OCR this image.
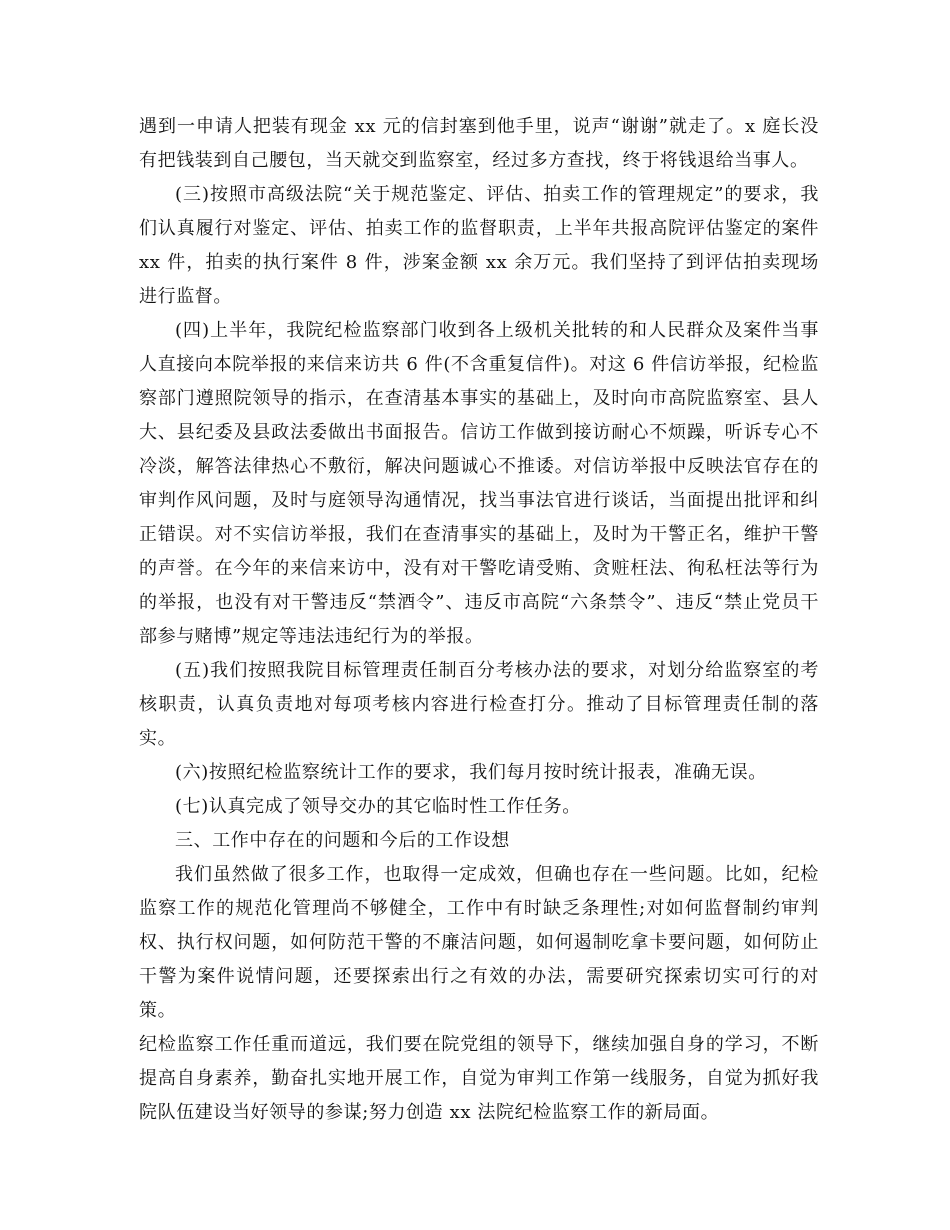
遇到一申请人把装有现金 xx 元的信封塞到他手里，说声“谢谢”就走了。x 庭长没有把钱装到自己腰包，当天就交到监察室，经过多方查找，终于将钱退给当事人。

(三)按照市高级法院“关于规范鉴定、评估、拍卖工作的管理规定”的要求，我们认真履行对鉴定、评估、拍卖工作的监督职责，上半年共报高院评估鉴定的案件 xx 件，拍卖的执行案件 8 件，涉案金额 xx 余万元。我们坚持了到评估拍卖现场进行监督。

(四)上半年，我院纪检监察部门收到各上级机关批转的和人民群众及案件当事人直接向本院举报的来信来访共 6 件(不含重复信件)。对这 6 件信访举报，纪检监察部门遵照院领导的指示，在查清基本事实的基础上，及时向市高院监察室、县人大、县纪委及县政法委做出书面报告。信访工作做到接访耐心不烦躁，听诉专心不冷淡，解答法律热心不敷衍，解决问题诚心不推诿。对信访举报中反映法官存在的审判作风问题，及时与庭领导沟通情况，找当事法官进行谈话，当面提出批评和纠正错误。对不实信访举报，我们在查清事实的基础上，及时为干警正名，维护干警的声誉。在今年的来信来访中，没有对干警吃请受贿、贪赃枉法、徇私枉法等行为的举报，也没有对干警违反“禁酒令”、违反市高院“六条禁令”、违反“禁止党员干部参与赌博”规定等违法违纪行为的举报。

(五)我们按照我院目标管理责任制百分考核办法的要求，对划分给监察室的考核职责，认真负责地对每项考核内容进行检查打分。推动了目标管理责任制的落实。

(六)按照纪检监察统计工作的要求，我们每月按时统计报表，准确无误。

(七)认真完成了领导交办的其它临时性工作任务。

三、工作中存在的问题和今后的工作设想

我们虽然做了很多工作，也取得一定成效，但确也存在一些问题。比如，纪检监察工作的规范化管理尚不够健全，工作中有时缺乏条理性;对如何监督制约审判权、执行权问题，如何防范干警的不廉洁问题，如何遏制吃拿卡要问题，如何防止干警为案件说情问题，还要探索出行之有效的办法，需要研究探索切实可行的对策。

纪检监察工作任重而道远，我们要在院党组的领导下，继续加强自身的学习，不断提高自身素养，勤奋扎实地开展工作，自觉为审判工作第一线服务，自觉为抓好我院队伍建设当好领导的参谋;努力创造 xx 法院纪检监察工作的新局面。
